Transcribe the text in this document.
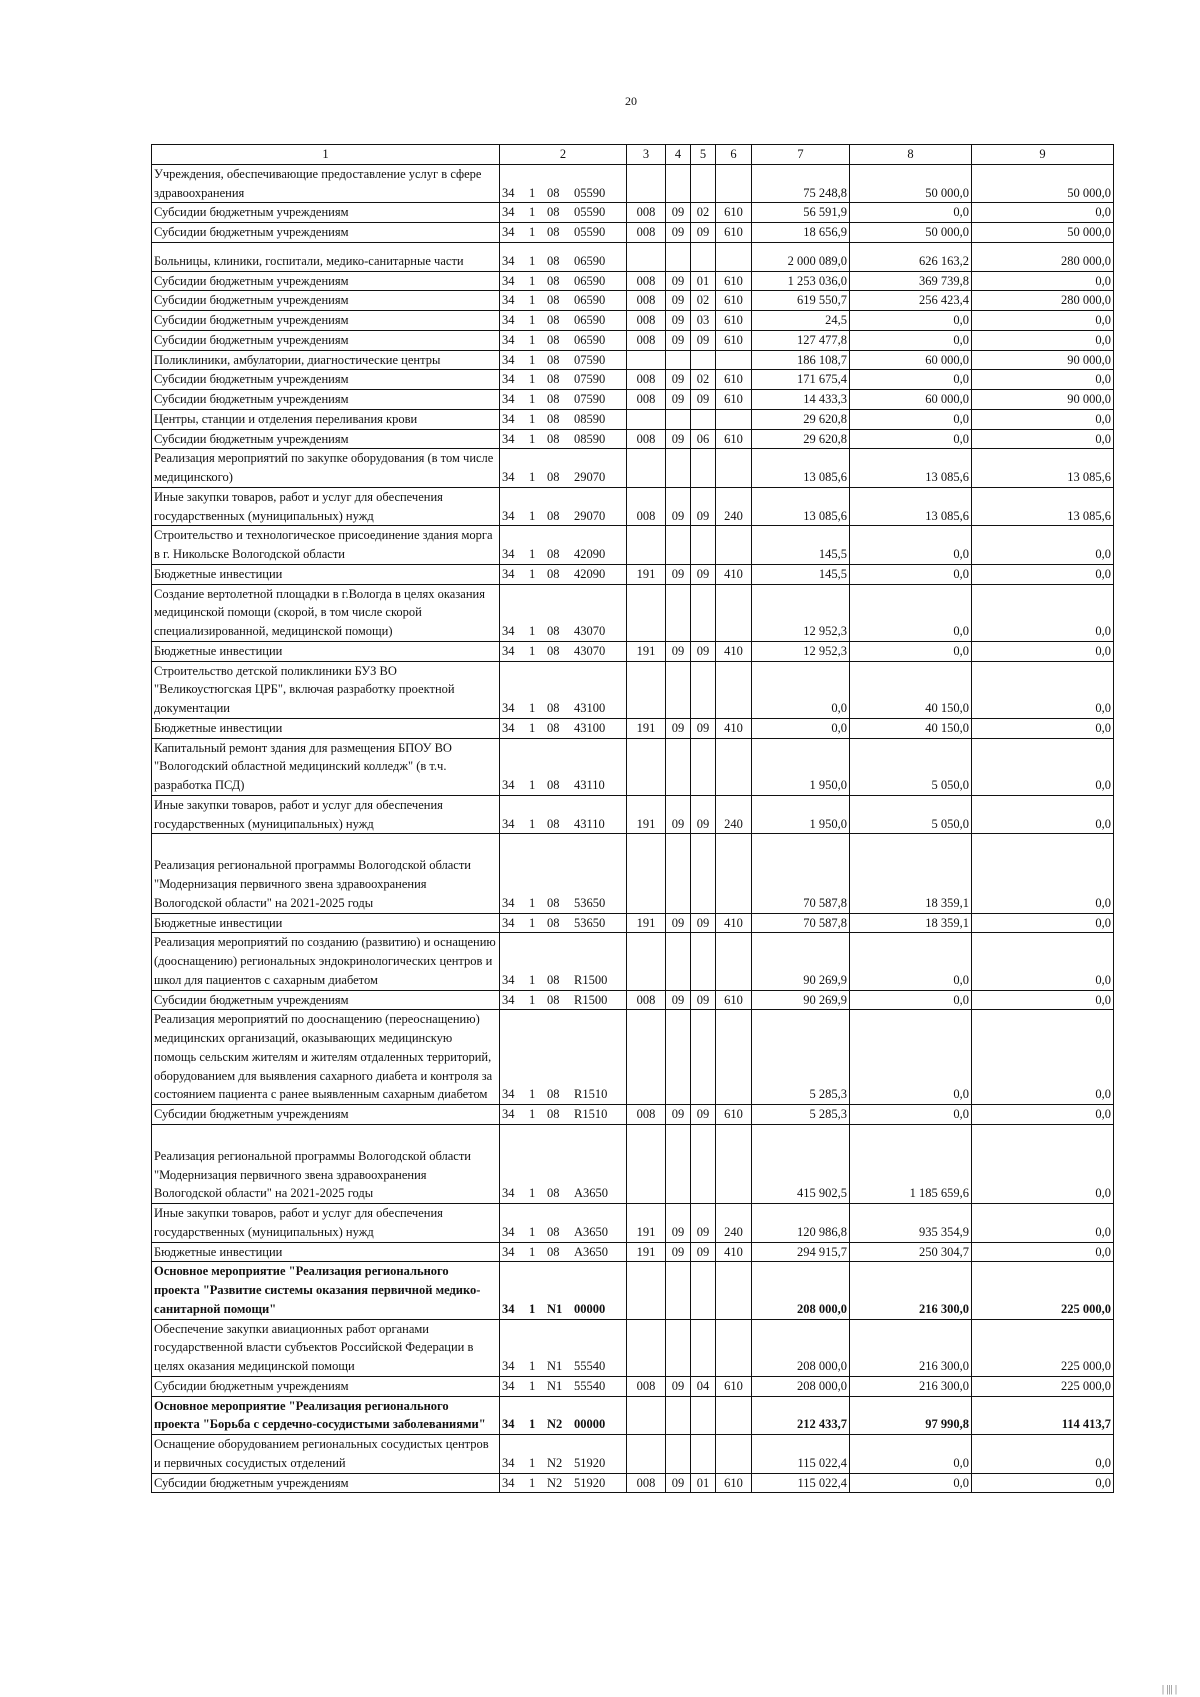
20
1	2	3	4	5	6	7	8	9
Учреждения, обеспечивающие предоставление услуг в сфере здравоохранения	34 1 08 05590					75 248,8	50 000,0	50 000,0
Субсидии бюджетным учреждениям	34 1 08 05590	008	09	02	610	56 591,9	0,0	0,0
Субсидии бюджетным учреждениям	34 1 08 05590	008	09	09	610	18 656,9	50 000,0	50 000,0

Больницы, клиники, госпитали, медико-санитарные части	34 1 08 06590					2 000 089,0	626 163,2	280 000,0
Субсидии бюджетным учреждениям	34 1 08 06590	008	09	01	610	1 253 036,0	369 739,8	0,0
Субсидии бюджетным учреждениям	34 1 08 06590	008	09	02	610	619 550,7	256 423,4	280 000,0
Субсидии бюджетным учреждениям	34 1 08 06590	008	09	03	610	24,5	0,0	0,0
Субсидии бюджетным учреждениям	34 1 08 06590	008	09	09	610	127 477,8	0,0	0,0
Поликлиники, амбулатории, диагностические центры	34 1 08 07590					186 108,7	60 000,0	90 000,0
Субсидии бюджетным учреждениям	34 1 08 07590	008	09	02	610	171 675,4	0,0	0,0
Субсидии бюджетным учреждениям	34 1 08 07590	008	09	09	610	14 433,3	60 000,0	90 000,0
Центры, станции и отделения переливания крови	34 1 08 08590					29 620,8	0,0	0,0
Субсидии бюджетным учреждениям	34 1 08 08590	008	09	06	610	29 620,8	0,0	0,0
Реализация мероприятий по закупке оборудования (в том числе медицинского)	34 1 08 29070					13 085,6	13 085,6	13 085,6
Иные закупки товаров, работ и услуг для обеспечения государственных (муниципальных) нужд	34 1 08 29070	008	09	09	240	13 085,6	13 085,6	13 085,6
Строительство и технологическое присоединение здания морга в г. Никольске Вологодской области	34 1 08 42090					145,5	0,0	0,0
Бюджетные инвестиции	34 1 08 42090	191	09	09	410	145,5	0,0	0,0
Создание вертолетной площадки в г.Вологда в целях оказания медицинской помощи (скорой, в том числе скорой специализированной, медицинской помощи)	34 1 08 43070					12 952,3	0,0	0,0
Бюджетные инвестиции	34 1 08 43070	191	09	09	410	12 952,3	0,0	0,0
Строительство детской поликлиники БУЗ ВО "Великоустюгская ЦРБ", включая разработку проектной документации	34 1 08 43100					0,0	40 150,0	0,0
Бюджетные инвестиции	34 1 08 43100	191	09	09	410	0,0	40 150,0	0,0
Капитальный ремонт здания для размещения БПОУ ВО "Вологодский областной медицинский колледж" (в т.ч. разработка ПСД)	34 1 08 43110					1 950,0	5 050,0	0,0
Иные закупки товаров, работ и услуг для обеспечения государственных (муниципальных) нужд	34 1 08 43110	191	09	09	240	1 950,0	5 050,0	0,0

Реализация региональной программы Вологодской области "Модернизация первичного звена здравоохранения Вологодской области" на 2021-2025 годы	34 1 08 53650					70 587,8	18 359,1	0,0
Бюджетные инвестиции	34 1 08 53650	191	09	09	410	70 587,8	18 359,1	0,0
Реализация мероприятий по созданию (развитию) и оснащению (дооснащению) региональных эндокринологических центров и школ для пациентов с сахарным диабетом	34 1 08 R1500					90 269,9	0,0	0,0
Субсидии бюджетным учреждениям	34 1 08 R1500	008	09	09	610	90 269,9	0,0	0,0
Реализация мероприятий по дооснащению (переоснащению) медицинских организаций, оказывающих медицинскую помощь сельским жителям и жителям отдаленных территорий, оборудованием для выявления сахарного диабета и контроля за состоянием пациента с ранее выявленным сахарным диабетом	34 1 08 R1510					5 285,3	0,0	0,0
Субсидии бюджетным учреждениям	34 1 08 R1510	008	09	09	610	5 285,3	0,0	0,0

Реализация региональной программы Вологодской области "Модернизация первичного звена здравоохранения Вологодской области" на 2021-2025 годы	34 1 08 А3650					415 902,5	1 185 659,6	0,0
Иные закупки товаров, работ и услуг для обеспечения государственных (муниципальных) нужд	34 1 08 А3650	191	09	09	240	120 986,8	935 354,9	0,0
Бюджетные инвестиции	34 1 08 А3650	191	09	09	410	294 915,7	250 304,7	0,0
Основное мероприятие "Реализация регионального проекта "Развитие системы оказания первичной медико-санитарной помощи"	34 1 N1 00000					208 000,0	216 300,0	225 000,0
Обеспечение закупки авиационных работ органами государственной власти субъектов Российской Федерации в целях оказания медицинской помощи	34 1 N1 55540					208 000,0	216 300,0	225 000,0
Субсидии бюджетным учреждениям	34 1 N1 55540	008	09	04	610	208 000,0	216 300,0	225 000,0
Основное мероприятие "Реализация регионального проекта "Борьба с сердечно-сосудистыми заболеваниями"	34 1 N2 00000					212 433,7	97 990,8	114 413,7
Оснащение оборудованием региональных сосудистых центров и первичных сосудистых отделений	34 1 N2 51920					115 022,4	0,0	0,0
Субсидии бюджетным учреждениям	34 1 N2 51920	008	09	01	610	115 022,4	0,0	0,0
| ||| |
